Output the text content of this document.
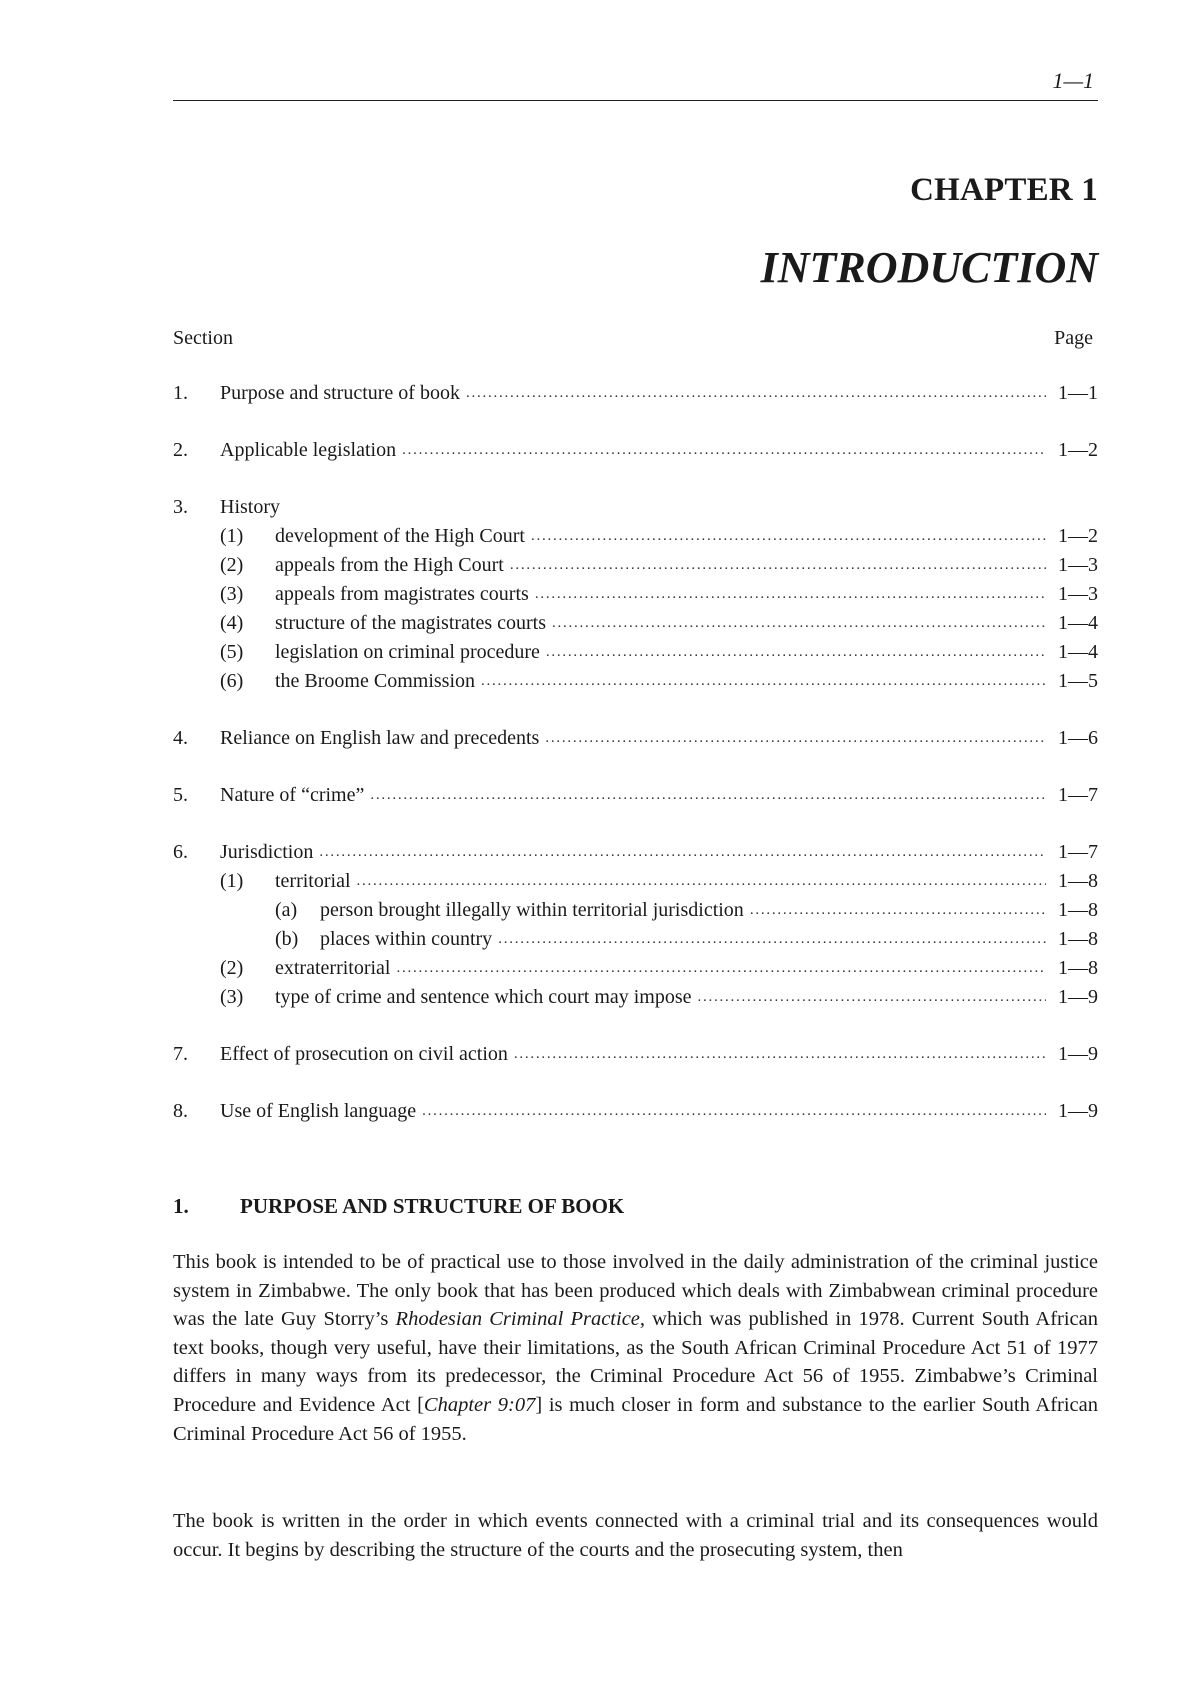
1—1
CHAPTER 1
INTRODUCTION
Section	Page
1. Purpose and structure of book . . .	1—1
2. Applicable legislation . . .	1—2
3. History
(1) development of the High Court . . .	1—2
(2) appeals from the High Court . . .	1—3
(3) appeals from magistrates courts . . .	1—3
(4) structure of the magistrates courts . . .	1—4
(5) legislation on criminal procedure . . .	1—4
(6) the Broome Commission . . .	1—5
4. Reliance on English law and precedents . . .	1—6
5. Nature of “crime” . . .	1—7
6. Jurisdiction . . .	1—7
(1) territorial . . .	1—8
(a) person brought illegally within territorial jurisdiction . . .	1—8
(b) places within country . . .	1—8
(2) extraterritorial . . .	1—8
(3) type of crime and sentence which court may impose . . .	1—9
7. Effect of prosecution on civil action . . .	1—9
8. Use of English language . . .	1—9
1. PURPOSE AND STRUCTURE OF BOOK

This book is intended to be of practical use to those involved in the daily administration of the criminal justice system in Zimbabwe. The only book that has been produced which deals with Zimbabwean criminal procedure was the late Guy Storry’s Rhodesian Criminal Practice, which was published in 1978. Current South African text books, though very useful, have their limitations, as the South African Criminal Procedure Act 51 of 1977 differs in many ways from its predecessor, the Criminal Procedure Act 56 of 1955. Zimbabwe’s Criminal Procedure and Evidence Act [Chapter 9:07] is much closer in form and substance to the earlier South African Criminal Procedure Act 56 of 1955.

The book is written in the order in which events connected with a criminal trial and its consequences would occur. It begins by describing the structure of the courts and the prosecuting system, then
